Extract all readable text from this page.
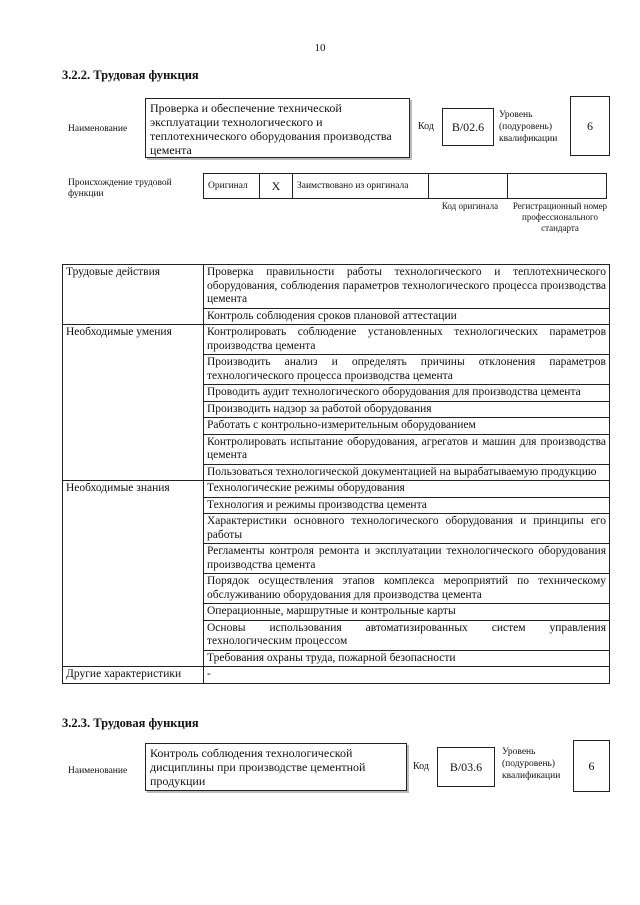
10
3.2.2. Трудовая функция
Наименование
Проверка и обеспечение технической эксплуатации технологического и теплотехнического оборудования производства цемента
Код	B/02.6
Уровень (подуровень) квалификации
6
Происхождение трудовой функции
Оригинал	X	Заимствовано из оригинала
Код оригинала	Регистрационный номер профессионального стандарта
Трудовые действия	Проверка правильности работы технологического и теплотехнического оборудования, соблюдения параметров технологического процесса производства цемента
	Контроль соблюдения сроков плановой аттестации
Необходимые умения	Контролировать соблюдение установленных технологических параметров производства цемента
	Производить анализ и определять причины отклонения параметров технологического процесса производства цемента
	Проводить аудит технологического оборудования для производства цемента
	Производить надзор за работой оборудования
	Работать с контрольно-измерительным оборудованием
	Контролировать испытание оборудования, агрегатов и машин для производства цемента
	Пользоваться технологической документацией на вырабатываемую продукцию
Необходимые знания	Технологические режимы оборудования
	Технология и режимы производства цемента
	Характеристики основного технологического оборудования и принципы его работы
	Регламенты контроля ремонта и эксплуатации технологического оборудования производства цемента
	Порядок осуществления этапов комплекса мероприятий по техническому обслуживанию оборудования для производства цемента
	Операционные, маршрутные и контрольные карты
	Основы использования автоматизированных систем управления технологическим процессом
	Требования охраны труда, пожарной безопасности
Другие характеристики	-
3.2.3. Трудовая функция
Наименование
Контроль соблюдения технологической дисциплины при производстве цементной продукции
Код	B/03.6
Уровень (подуровень) квалификации
6
